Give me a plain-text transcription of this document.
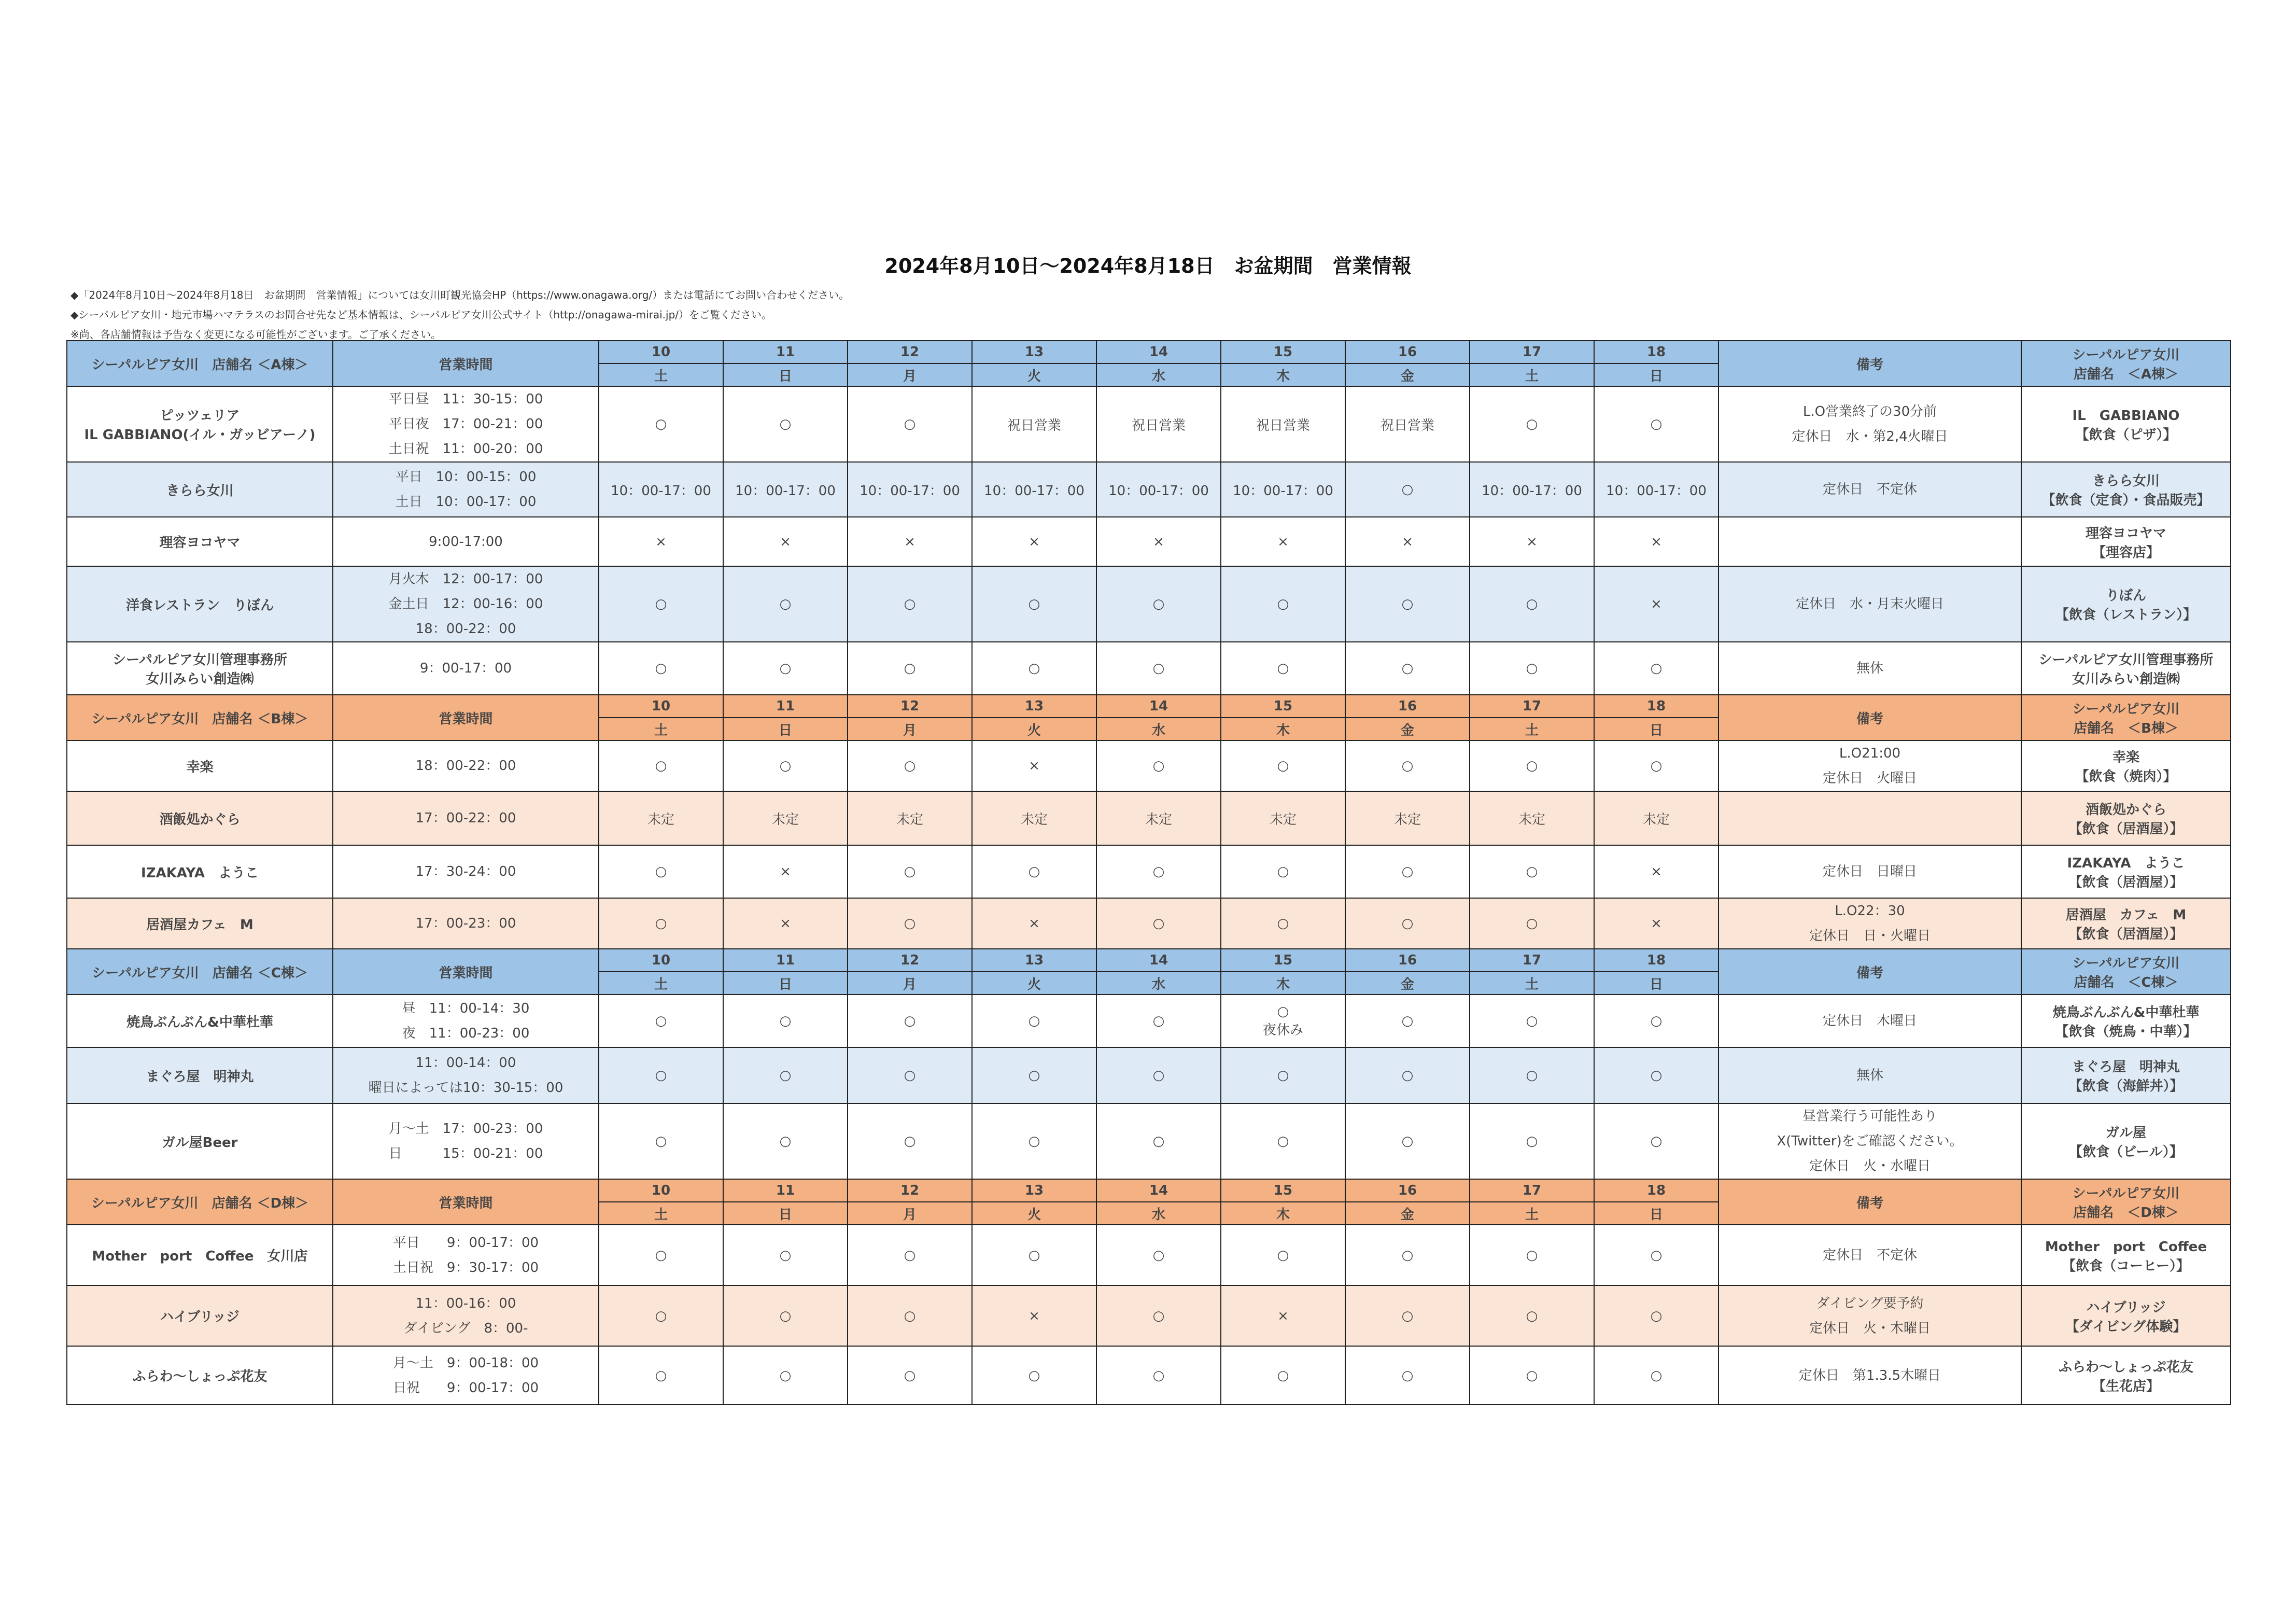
2024年8月10日～2024年8月18日　お盆期間　営業情報
◆「2024年8月10日～2024年8月18日　お盆期間　営業情報」については女川町観光協会HP（https://www.onagawa.org/）または電話にてお問い合わせください。
◆シーパルピア女川・地元市場ハマテラスのお問合せ先など基本情報は、シーパルピア女川公式サイト（http://onagawa-mirai.jp/）をご覧ください。
※尚、各店舗情報は予告なく変更になる可能性がございます。ご了承ください。
シーパルピア女川　店舗名 ＜A棟＞	営業時間	10	11	12	13	14	15	16	17	18	備考	シーパルピア女川
店舗名　＜A棟＞

		土	日	月	火	水	木	金	土	日		

ピッツェリア
IL GABBIANO(イル・ガッビアーノ)	平日昼　11：30-15：00
平日夜　17：00-21：00
土日祝　11：00-20：00	○	○	○	祝日営業	祝日営業	祝日営業	祝日営業	○	○	L.O営業終了の30分前
定休日　水・第2,4火曜日	IL　GABBIANO
【飲食（ピザ）】

きらら女川	平日　10：00-15：00
土日　10：00-17：00	10：00-17：00	10：00-17：00	10：00-17：00	10：00-17：00	10：00-17：00	10：00-17：00	○	10：00-17：00	10：00-17：00	定休日　不定休	きらら女川
【飲食（定食）・食品販売】

理容ヨコヤマ	9:00-17:00	×	×	×	×	×	×	×	×	×		理容ヨコヤマ
【理容店】

洋食レストラン　りぼん	月火木　12：00-17：00
金土日　12：00-16：00
18：00-22：00	○	○	○	○	○	○	○	○	×	定休日　水・月末火曜日	りぼん
【飲食（レストラン）】

シーパルピア女川管理事務所
女川みらい創造㈱	9：00-17：00	○	○	○	○	○	○	○	○	○	無休	シーパルピア女川管理事務所
女川みらい創造㈱

シーパルピア女川　店舗名 ＜B棟＞	営業時間	10	11	12	13	14	15	16	17	18	備考	シーパルピア女川
店舗名　＜B棟＞

		土	日	月	火	水	木	金	土	日		

幸楽	18：00-22：00	○	○	○	×	○	○	○	○	○	L.O21:00
定休日　火曜日	幸楽
【飲食（焼肉）】

酒飯処かぐら	17：00-22：00	未定	未定	未定	未定	未定	未定	未定	未定	未定		酒飯処かぐら
【飲食（居酒屋）】

IZAKAYA　ようこ	17：30-24：00	○	×	○	○	○	○	○	○	×	定休日　日曜日	IZAKAYA　ようこ
【飲食（居酒屋）】

居酒屋カフェ　M	17：00-23：00	○	×	○	×	○	○	○	○	×	L.O22：30
定休日　日・火曜日	居酒屋　カフェ　M
【飲食（居酒屋）】

シーパルピア女川　店舗名 ＜C棟＞	営業時間	10	11	12	13	14	15	16	17	18	備考	シーパルピア女川
店舗名　＜C棟＞

		土	日	月	火	水	木	金	土	日		

焼鳥ぶんぶん&中華杜華	昼　11：00-14：30
夜　11：00-23：00	○	○	○	○	○	○
夜休み	○	○	○	定休日　木曜日	焼鳥ぶんぶん&中華杜華
【飲食（焼鳥・中華）】

まぐろ屋　明神丸	11：00-14：00
曜日によっては10：30-15：00	○	○	○	○	○	○	○	○	○	無休	まぐろ屋　明神丸
【飲食（海鮮丼）】

ガル屋Beer	月～土　17：00-23：00
日　　　15：00-21：00	○	○	○	○	○	○	○	○	○	昼営業行う可能性あり
X(Twitter)をご確認ください。
定休日　火・水曜日	ガル屋
【飲食（ビール）】

シーパルピア女川　店舗名 ＜D棟＞	営業時間	10	11	12	13	14	15	16	17	18	備考	シーパルピア女川
店舗名　＜D棟＞

		土	日	月	火	水	木	金	土	日		

Mother　port　Coffee　女川店	平日　　9：00-17：00
土日祝　9：30-17：00	○	○	○	○	○	○	○	○	○	定休日　不定休	Mother　port　Coffee
【飲食（コーヒー）】

ハイブリッジ	11：00-16：00
ダイビング　8：00-	○	○	○	×	○	×	○	○	○	ダイビング要予約
定休日　火・木曜日	ハイブリッジ
【ダイビング体験】

ふらわ～しょっぷ花友	月～土　9：00-18：00
日祝　　9：00-17：00	○	○	○	○	○	○	○	○	○	定休日　第1.3.5木曜日	ふらわ～しょっぷ花友
【生花店】
